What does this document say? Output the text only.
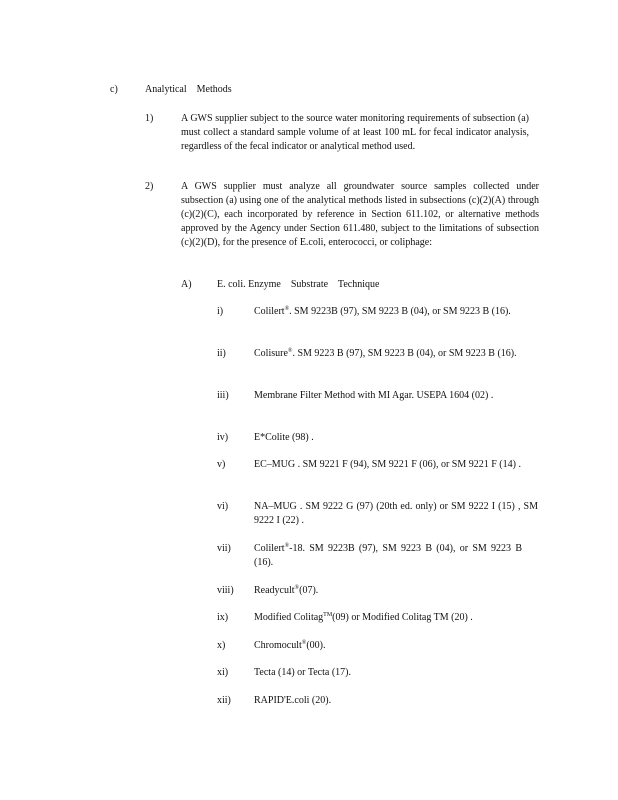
c)	Analytical    Methods
1)	A GWS supplier subject to the source water monitoring requirements of subsection (a) must collect a standard sample volume of at least 100 mL for fecal indicator analysis, regardless of the fecal indicator or analytical method used.
2)	A GWS supplier must analyze all groundwater source samples collected under subsection (a) using one of the analytical methods listed in subsections (c)(2)(A) through (c)(2)(C), each incorporated by reference in Section 611.102, or alternative methods approved by the Agency under Section 611.480, subject to the limitations of subsection (c)(2)(D), for the presence of E.coli, enterococci, or coliphage:
A)	E. coli. Enzyme    Substrate    Technique
i)	Colilert®. SM 9223B (97), SM 9223 B (04), or SM 9223 B (16).
ii)	Colisure®. SM 9223 B (97), SM 9223 B (04), or SM 9223 B (16).
iii)	Membrane Filter Method with MI Agar. USEPA 1604 (02) .
iv)	E*Colite (98) .
v)	EC–MUG . SM 9221 F (94), SM 9221 F (06), or SM 9221 F (14) .
vi)	NA–MUG . SM 9222 G (97) (20th ed. only) or SM 9222 I (15) , SM 9222 I (22) .
vii) Colilert®-18. SM 9223B (97), SM 9223 B (04), or SM 9223 B (16).
viii) Readycult®(07).
ix)	Modified Colitag™(09) or Modified Colitag TM (20) .
x)	Chromocult®(00).
xi)	Tecta (14) or Tecta (17).
xii) RAPID'E.coli (20).
